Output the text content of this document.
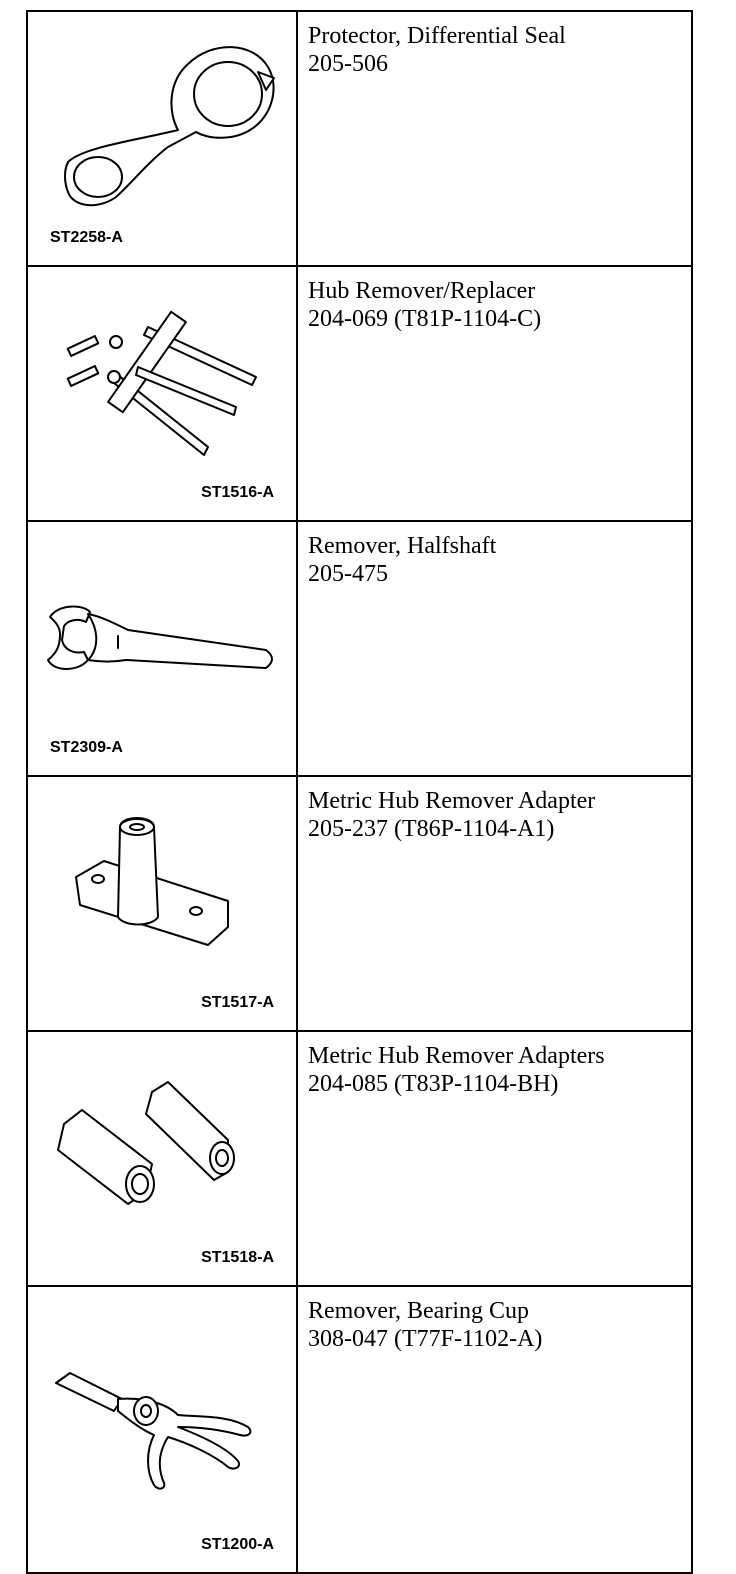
ST2258-A	Protector, Differential Seal
205-506

ST1516-A	Hub Remover/Replacer
204-069 (T81P-1104-C)

ST2309-A	Remover, Halfshaft
205-475

ST1517-A	Metric Hub Remover Adapter
205-237 (T86P-1104-A1)

ST1518-A	Metric Hub Remover Adapters
204-085 (T83P-1104-BH)

ST1200-A	Remover, Bearing Cup
308-047 (T77F-1102-A)
